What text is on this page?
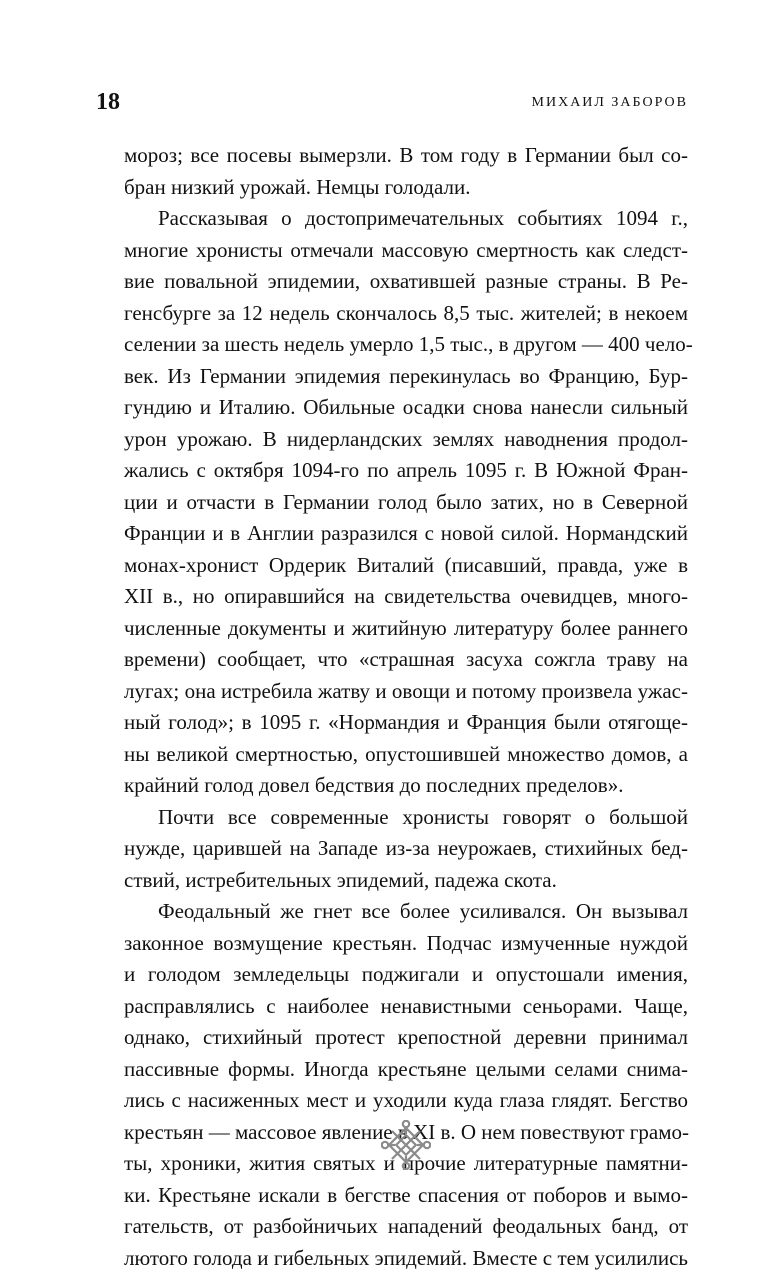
18	МИХАИЛ ЗАБОРОВ
мороз; все посевы вымерзли. В том году в Германии был со-
бран низкий урожай. Немцы голодали.
Рассказывая о достопримечательных событиях 1094 г.,
многие хронисты отмечали массовую смертность как следст-
вие повальной эпидемии, охватившей разные страны. В Ре-
генсбурге за 12 недель скончалось 8,5 тыс. жителей; в некоем
селении за шесть недель умерло 1,5 тыс., в другом — 400 чело-
век. Из Германии эпидемия перекинулась во Францию, Бур-
гундию и Италию. Обильные осадки снова нанесли сильный
урон урожаю. В нидерландских землях наводнения продол-
жались с октября 1094-го по апрель 1095 г. В Южной Фран-
ции и отчасти в Германии голод было затих, но в Северной
Франции и в Англии разразился с новой силой. Нормандский
монах-хронист Ордерик Виталий (писавший, правда, уже в
XII в., но опиравшийся на свидетельства очевидцев, много-
численные документы и житийную литературу более раннего
времени) сообщает, что «страшная засуха сожгла траву на
лугах; она истребила жатву и овощи и потому произвела ужас-
ный голод»; в 1095 г. «Нормандия и Франция были отягоще-
ны великой смертностью, опустошившей множество домов, а
крайний голод довел бедствия до последних пределов».
Почти все современные хронисты говорят о большой
нужде, царившей на Западе из-за неурожаев, стихийных бед-
ствий, истребительных эпидемий, падежа скота.
Феодальный же гнет все более усиливался. Он вызывал
законное возмущение крестьян. Подчас измученные нуждой
и голодом земледельцы поджигали и опустошали имения,
расправлялись с наиболее ненавистными сеньорами. Чаще,
однако, стихийный протест крепостной деревни принимал
пассивные формы. Иногда крестьяне целыми селами снима-
лись с насиженных мест и уходили куда глаза глядят. Бегство
крестьян — массовое явление в XI в. О нем повествуют грамо-
ты, хроники, жития святых и прочие литературные памятни-
ки. Крестьяне искали в бегстве спасения от поборов и вымо-
гательств, от разбойничьих нападений феодальных банд, от
лютого голода и гибельных эпидемий. Вместе с тем усилились
